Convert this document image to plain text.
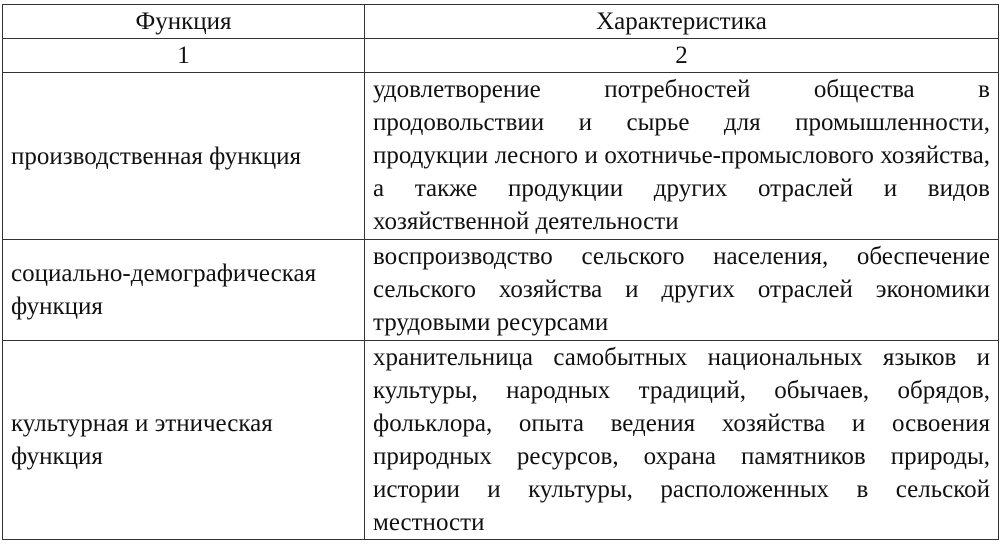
Функция	Характеристика
1	2
производственная функция	удовлетворение потребностей общества в продовольствии и сырье для промышленности, продукции лесного и охотничье-промыслового хозяйства, а также продукции других отраслей и видов хозяйственной деятельности
социально-демографическая функция	воспроизводство сельского населения, обеспечение сельского хозяйства и других отраслей экономики трудовыми ресурсами
культурная и этническая функция	хранительница самобытных национальных языков и культуры, народных традиций, обычаев, обрядов, фольклора, опыта ведения хозяйства и освоения природных ресурсов, охрана памятников природы, истории и культуры, расположенных в сельской местности
